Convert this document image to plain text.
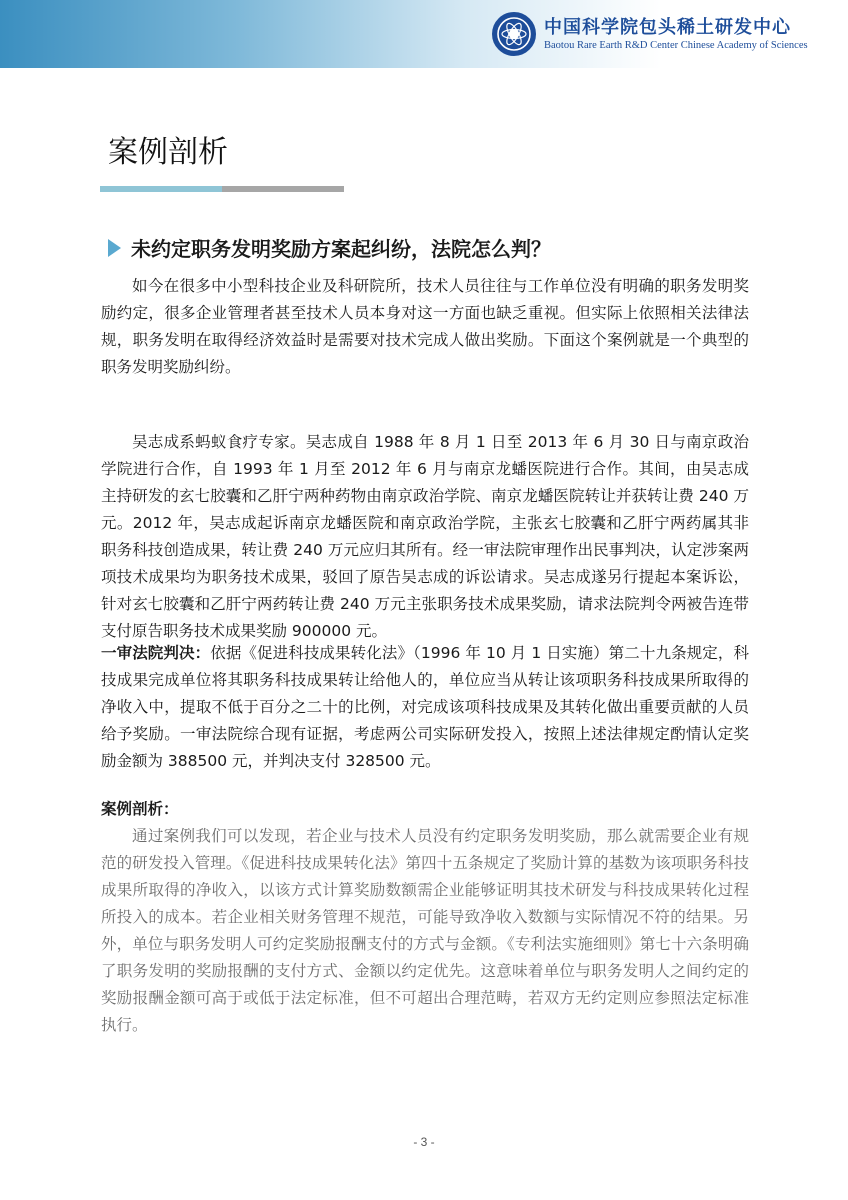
中国科学院包头稀土研发中心
Baotou Rare Earth R&D Center Chinese Academy of Sciences
案例剖析
未约定职务发明奖励方案起纠纷，法院怎么判？

如今在很多中小型科技企业及科研院所，技术人员往往与工作单位没有明确的职务发明奖励约定，很多企业管理者甚至技术人员本身对这一方面也缺乏重视。但实际上依照相关法律法规，职务发明在取得经济效益时是需要对技术完成人做出奖励。下面这个案例就是一个典型的职务发明奖励纠纷。

吴志成系蚂蚁食疗专家。吴志成自 1988 年 8 月 1 日至 2013 年 6 月 30 日与南京政治学院进行合作，自 1993 年 1 月至 2012 年 6 月与南京龙蟠医院进行合作。其间，由吴志成主持研发的玄七胶囊和乙肝宁两种药物由南京政治学院、南京龙蟠医院转让并获转让费 240 万元。2012 年，吴志成起诉南京龙蟠医院和南京政治学院，主张玄七胶囊和乙肝宁两药属其非职务科技创造成果，转让费 240 万元应归其所有。经一审法院审理作出民事判决，认定涉案两项技术成果均为职务技术成果，驳回了原告吴志成的诉讼请求。吴志成遂另行提起本案诉讼，针对玄七胶囊和乙肝宁两药转让费 240 万元主张职务技术成果奖励，请求法院判令两被告连带支付原告职务技术成果奖励 900000 元。

一审法院判决：依据《促进科技成果转化法》（1996 年 10 月 1 日实施）第二十九条规定，科技成果完成单位将其职务科技成果转让给他人的，单位应当从转让该项职务科技成果所取得的净收入中，提取不低于百分之二十的比例，对完成该项科技成果及其转化做出重要贡献的人员给予奖励。一审法院综合现有证据，考虑两公司实际研发投入，按照上述法律规定酌情认定奖励金额为 388500 元，并判决支付 328500 元。

案例剖析：

通过案例我们可以发现，若企业与技术人员没有约定职务发明奖励，那么就需要企业有规范的研发投入管理。《促进科技成果转化法》第四十五条规定了奖励计算的基数为该项职务科技成果所取得的净收入，以该方式计算奖励数额需企业能够证明其技术研发与科技成果转化过程所投入的成本。若企业相关财务管理不规范，可能导致净收入数额与实际情况不符的结果。另外，单位与职务发明人可约定奖励报酬支付的方式与金额。《专利法实施细则》第七十六条明确了职务发明的奖励报酬的支付方式、金额以约定优先。这意味着单位与职务发明人之间约定的奖励报酬金额可高于或低于法定标准，但不可超出合理范畴，若双方无约定则应参照法定标准执行。

- 3 -
